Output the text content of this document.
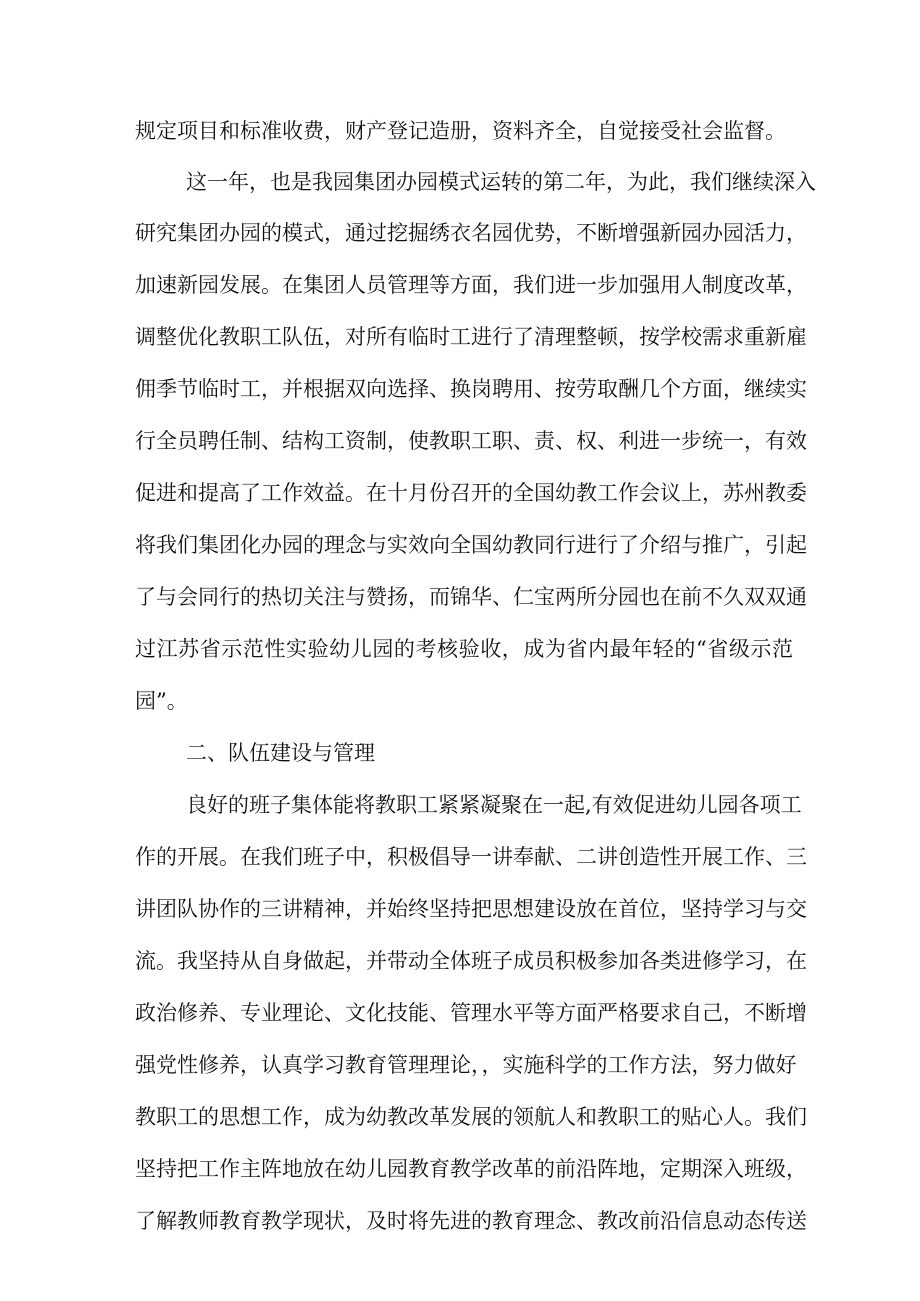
规定项目和标准收费，财产登记造册，资料齐全，自觉接受社会监督。
这一年，也是我园集团办园模式运转的第二年，为此，我们继续深入
研究集团办园的模式，通过挖掘绣衣名园优势，不断增强新园办园活力，
加速新园发展。在集团人员管理等方面，我们进一步加强用人制度改革，
调整优化教职工队伍，对所有临时工进行了清理整顿，按学校需求重新雇
佣季节临时工，并根据双向选择、换岗聘用、按劳取酬几个方面，继续实
行全员聘任制、结构工资制，使教职工职、责、权、利进一步统一，有效
促进和提高了工作效益。在十月份召开的全国幼教工作会议上，苏州教委
将我们集团化办园的理念与实效向全国幼教同行进行了介绍与推广，引起
了与会同行的热切关注与赞扬，而锦华、仁宝两所分园也在前不久双双通
过江苏省示范性实验幼儿园的考核验收，成为省内最年轻的“省级示范
园”。
二、队伍建设与管理
良好的班子集体能将教职工紧紧凝聚在一起,有效促进幼儿园各项工
作的开展。在我们班子中，积极倡导一讲奉献、二讲创造性开展工作、三
讲团队协作的三讲精神，并始终坚持把思想建设放在首位，坚持学习与交
流。我坚持从自身做起，并带动全体班子成员积极参加各类进修学习，在
政治修养、专业理论、文化技能、管理水平等方面严格要求自己，不断增
强党性修养，认真学习教育管理理论，，实施科学的工作方法，努力做好
教职工的思想工作，成为幼教改革发展的领航人和教职工的贴心人。我们
坚持把工作主阵地放在幼儿园教育教学改革的前沿阵地，定期深入班级，
了解教师教育教学现状，及时将先进的教育理念、教改前沿信息动态传送
